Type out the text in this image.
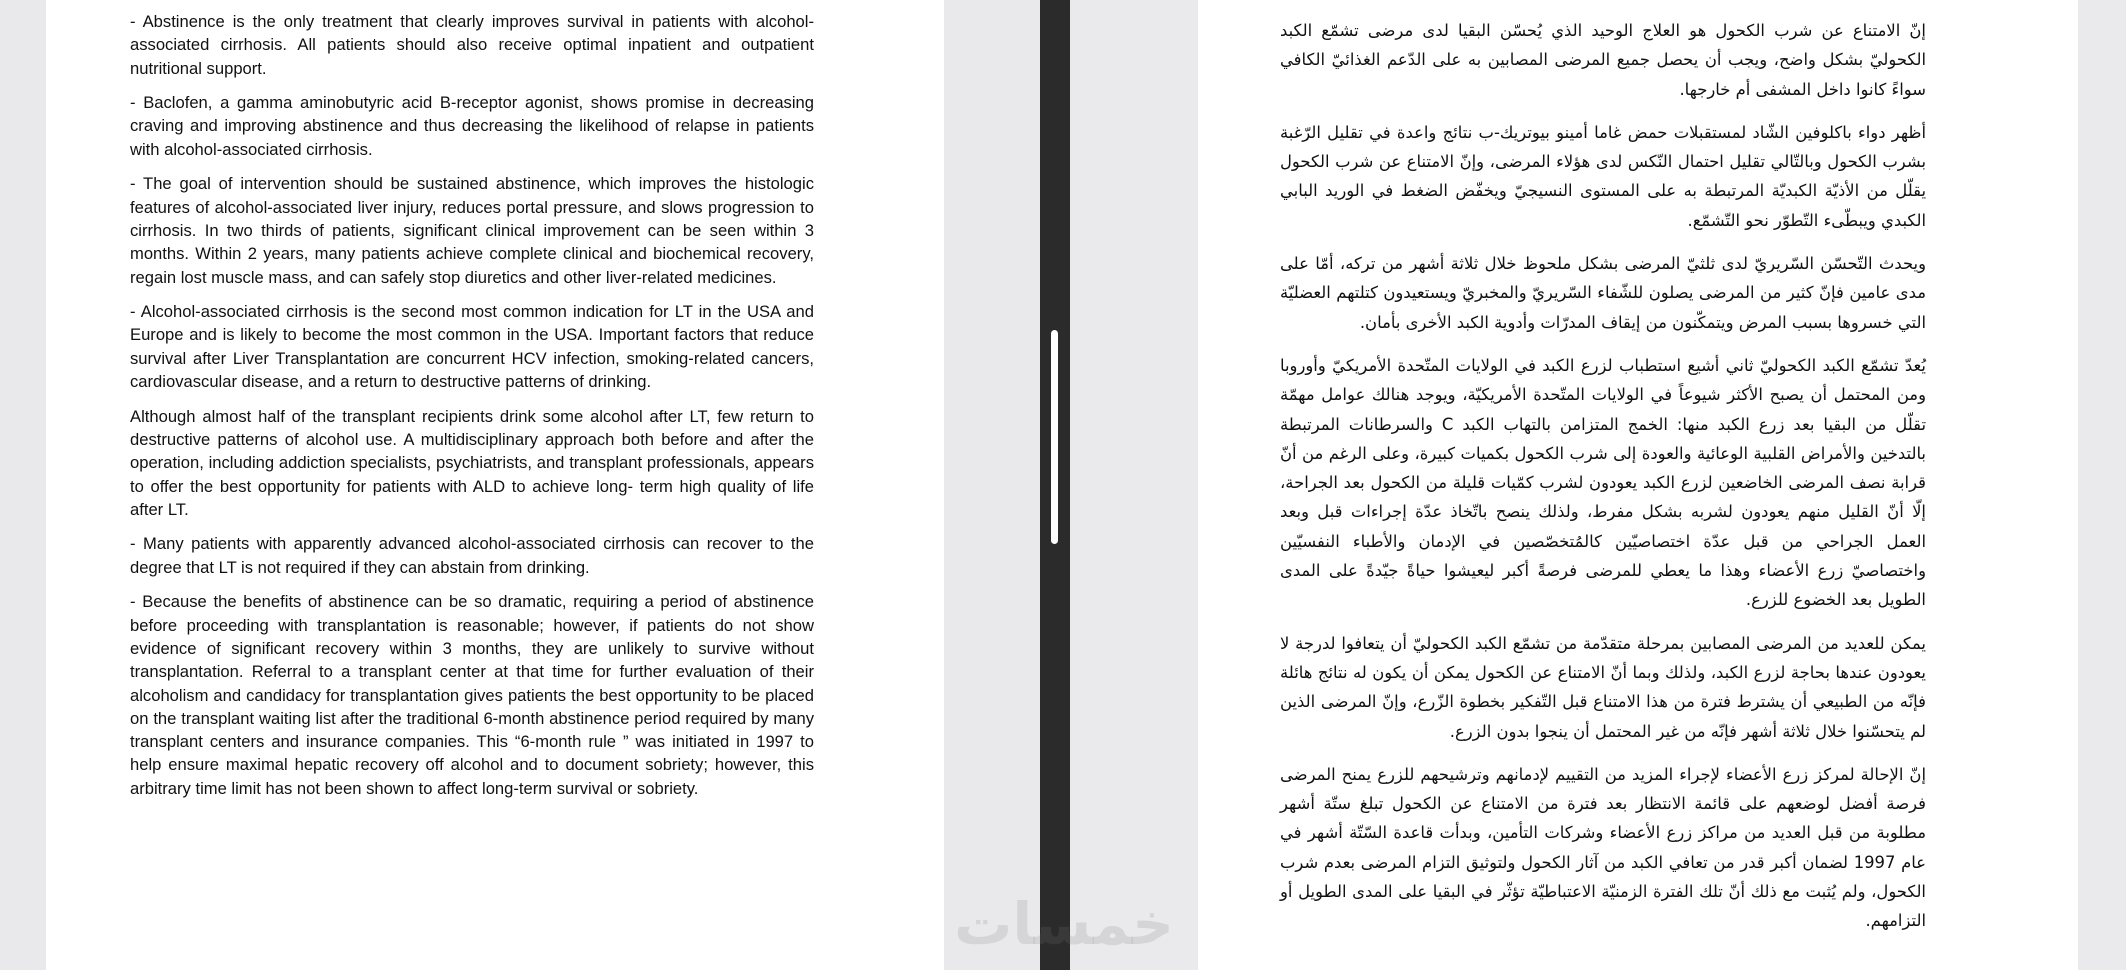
- Abstinence is the only treatment that clearly improves survival in patients with alcohol-associated cirrhosis. All patients should also receive optimal inpatient and outpatient nutritional support.

- Baclofen, a gamma aminobutyric acid B-receptor agonist, shows promise in decreasing craving and improving abstinence and thus decreasing the likelihood of relapse in patients with alcohol-associated cirrhosis.

- The goal of intervention should be sustained abstinence, which improves the histologic features of alcohol-associated liver injury, reduces portal pressure, and slows progression to cirrhosis. In two thirds of patients, significant clinical improvement can be seen within 3 months. Within 2 years, many patients achieve complete clinical and biochemical recovery, regain lost muscle mass, and can safely stop diuretics and other liver-related medicines.

- Alcohol-associated cirrhosis is the second most common indication for LT in the USA and Europe and is likely to become the most common in the USA. Important factors that reduce survival after Liver Transplantation are concurrent HCV infection, smoking-related cancers, cardiovascular disease, and a return to destructive patterns of drinking.

Although almost half of the transplant recipients drink some alcohol after LT, few return to destructive patterns of alcohol use. A multidisciplinary approach both before and after the operation, including addiction specialists, psychiatrists, and transplant professionals, appears to offer the best opportunity for patients with ALD to achieve long- term high quality of life after LT.

- Many patients with apparently advanced alcohol-associated cirrhosis can recover to the degree that LT is not required if they can abstain from drinking.

- Because the benefits of abstinence can be so dramatic, requiring a period of abstinence before proceeding with transplantation is reasonable; however, if patients do not show evidence of significant recovery within 3 months, they are unlikely to survive without transplantation. Referral to a transplant center at that time for further evaluation of their alcoholism and candidacy for transplantation gives patients the best opportunity to be placed on the transplant waiting list after the traditional 6-month abstinence period required by many transplant centers and insurance companies. This “6-month rule ” was initiated in 1997 to help ensure maximal hepatic recovery off alcohol and to document sobriety; however, this arbitrary time limit has not been shown to affect long-term survival or sobriety.

إنّ الامتناع عن شرب الكحول هو العلاج الوحيد الذي يُحسّن البقيا لدى مرضى تشمّع الكبد الكحوليّ بشكل واضح، ويجب أن يحصل جميع المرضى المصابين به على الدّعم الغذائيّ الكافي سواءً كانوا داخل المشفى أم خارجها.

أظهر دواء باكلوفين الشّاد لمستقبلات حمض غاما أمينو بيوتريك-ب نتائج واعدة في تقليل الرّغبة بشرب الكحول وبالتّالي تقليل احتمال النّكس لدى هؤلاء المرضى، وإنّ الامتناع عن شرب الكحول يقلّل من الأذيّة الكبديّة المرتبطة به على المستوى النسيجيّ ويخفّض الضغط في الوريد البابي الكبدي ويبطّىء التّطوّر نحو التّشمّع.

ويحدث التّحسّن السّريريّ لدى ثلثيّ المرضى بشكل ملحوظ خلال ثلاثة أشهر من تركه، أمّا على مدى عامين فإنّ كثير من المرضى يصلون للشّفاء السّريريّ والمخبريّ ويستعيدون كتلتهم العضليّة التي خسروها بسبب المرض ويتمكّنون من إيقاف المدرّات وأدوية الكبد الأخرى بأمان.

يُعدّ تشمّع الكبد الكحوليّ ثاني أشيع استطباب لزرع الكبد في الولايات المتّحدة الأمريكيّ وأوروبا ومن المحتمل أن يصبح الأكثر شيوعاً في الولايات المتّحدة الأمريكيّة، ويوجد هنالك عوامل مهمّة تقلّل من البقيا بعد زرع الكبد منها: الخمج المتزامن بالتهاب الكبد C والسرطانات المرتبطة بالتدخين والأمراض القلبية الوعائية والعودة إلى شرب الكحول بكميات كبيرة، وعلى الرغم من أنّ قرابة نصف المرضى الخاضعين لزرع الكبد يعودون لشرب كمّيات قليلة من الكحول بعد الجراحة، إلّا أنّ القليل منهم يعودون لشربه بشكل مفرط، ولذلك ينصح باتّخاذ عدّة إجراءات قبل وبعد العمل الجراحي من قبل عدّة اختصاصيّين كالمُتخصّصين في الإدمان والأطباء النفسيّين واختصاصيّ زرع الأعضاء وهذا ما يعطي للمرضى فرصةً أكبر ليعيشوا حياةً جيّدةً على المدى الطويل بعد الخضوع للزرع.

يمكن للعديد من المرضى المصابين بمرحلة متقدّمة من تشمّع الكبد الكحوليّ أن يتعافوا لدرجة لا يعودون عندها بحاجة لزرع الكبد، ولذلك وبما أنّ الامتناع عن الكحول يمكن أن يكون له نتائج هائلة فإنّه من الطبيعي أن يشترط فترة من هذا الامتناع قبل التّفكير بخطوة الزّرع، وإنّ المرضى الذين لم يتحسّنوا خلال ثلاثة أشهر فإنّه من غير المحتمل أن ينجوا بدون الزرع.

إنّ الإحالة لمركز زرع الأعضاء لإجراء المزيد من التقييم لإدمانهم وترشيحهم للزرع يمنح المرضى فرصة أفضل لوضعهم على قائمة الانتظار بعد فترة من الامتناع عن الكحول تبلغ ستّة أشهر مطلوبة من قبل العديد من مراكز زرع الأعضاء وشركات التأمين، وبدأت قاعدة السّتّة أشهر في عام 1997 لضمان أكبر قدر من تعافي الكبد من آثار الكحول ولتوثيق التزام المرضى بعدم شرب الكحول، ولم يُثبت مع ذلك أنّ تلك الفترة الزمنيّة الاعتباطيّة تؤثّر في البقيا على المدى الطويل أو التزامهم.
